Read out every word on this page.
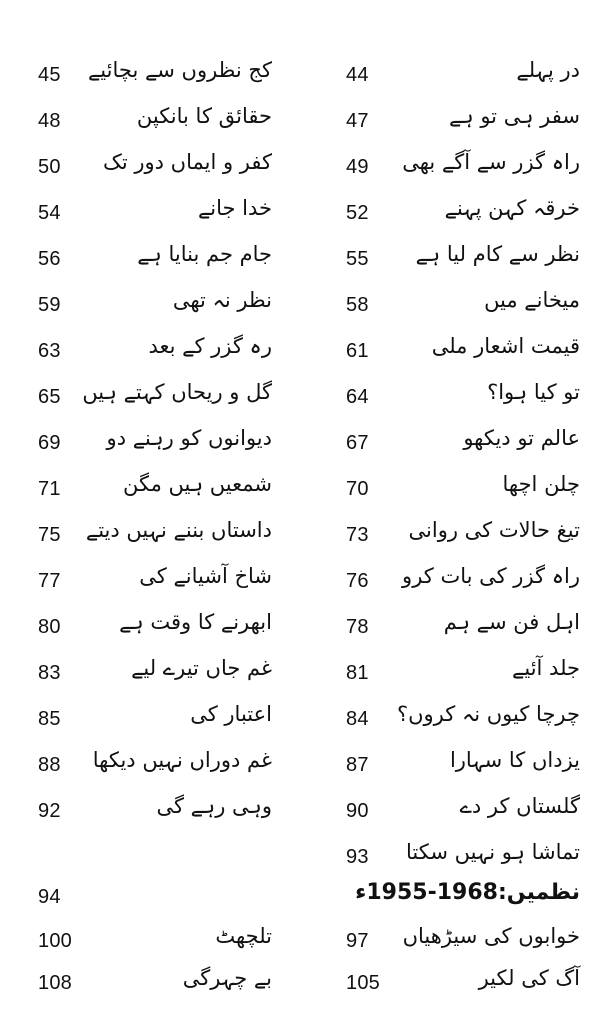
45 کج نظروں سے بچائیے	44	در پہلے
48	حقائق کا بانکپن	47	سفر ہی تو ہے
50 کفر و ایماں دور تک	49 راہ گزر سے آگے بھی
54	خدا جانے	52	خرقہ کہن پہنے
56	جام جم بنایا ہے	55 نظر سے کام لیا ہے
59	نظر نہ تھی	58	میخانے میں
63	رہ گزر کے بعد	61	قیمت اشعار ملی
65 گل و ریحاں کہتے ہیں	64	تو کیا ہوا؟
69 دیوانوں کو رہنے دو	67	عالم تو دیکھو
71	شمعیں ہیں مگن	70	چلن اچھا
75 داستاں بننے نہیں دیتے	73 تیغ حالات کی روانی
77	شاخ آشیانے کی	76 راہ گزر کی بات کرو
80	ابھرنے کا وقت ہے	78	اہل فن سے ہم
83	غم جاں تیرے لیے	81	جلد آئیے
85	اعتبار کی	84 چرچا کیوں نہ کروں؟
88 غم دوراں نہیں دیکھا	87	یزداں کا سہارا
92	وہی رہے گی	90	گلستاں کر دے
93 تماشا ہو نہیں سکتا
94	نظمیں:1968-1955ء
100	تلچھٹ	97 خوابوں کی سیڑھیاں
108	بے چہرگی	105	آگ کی لکیر
